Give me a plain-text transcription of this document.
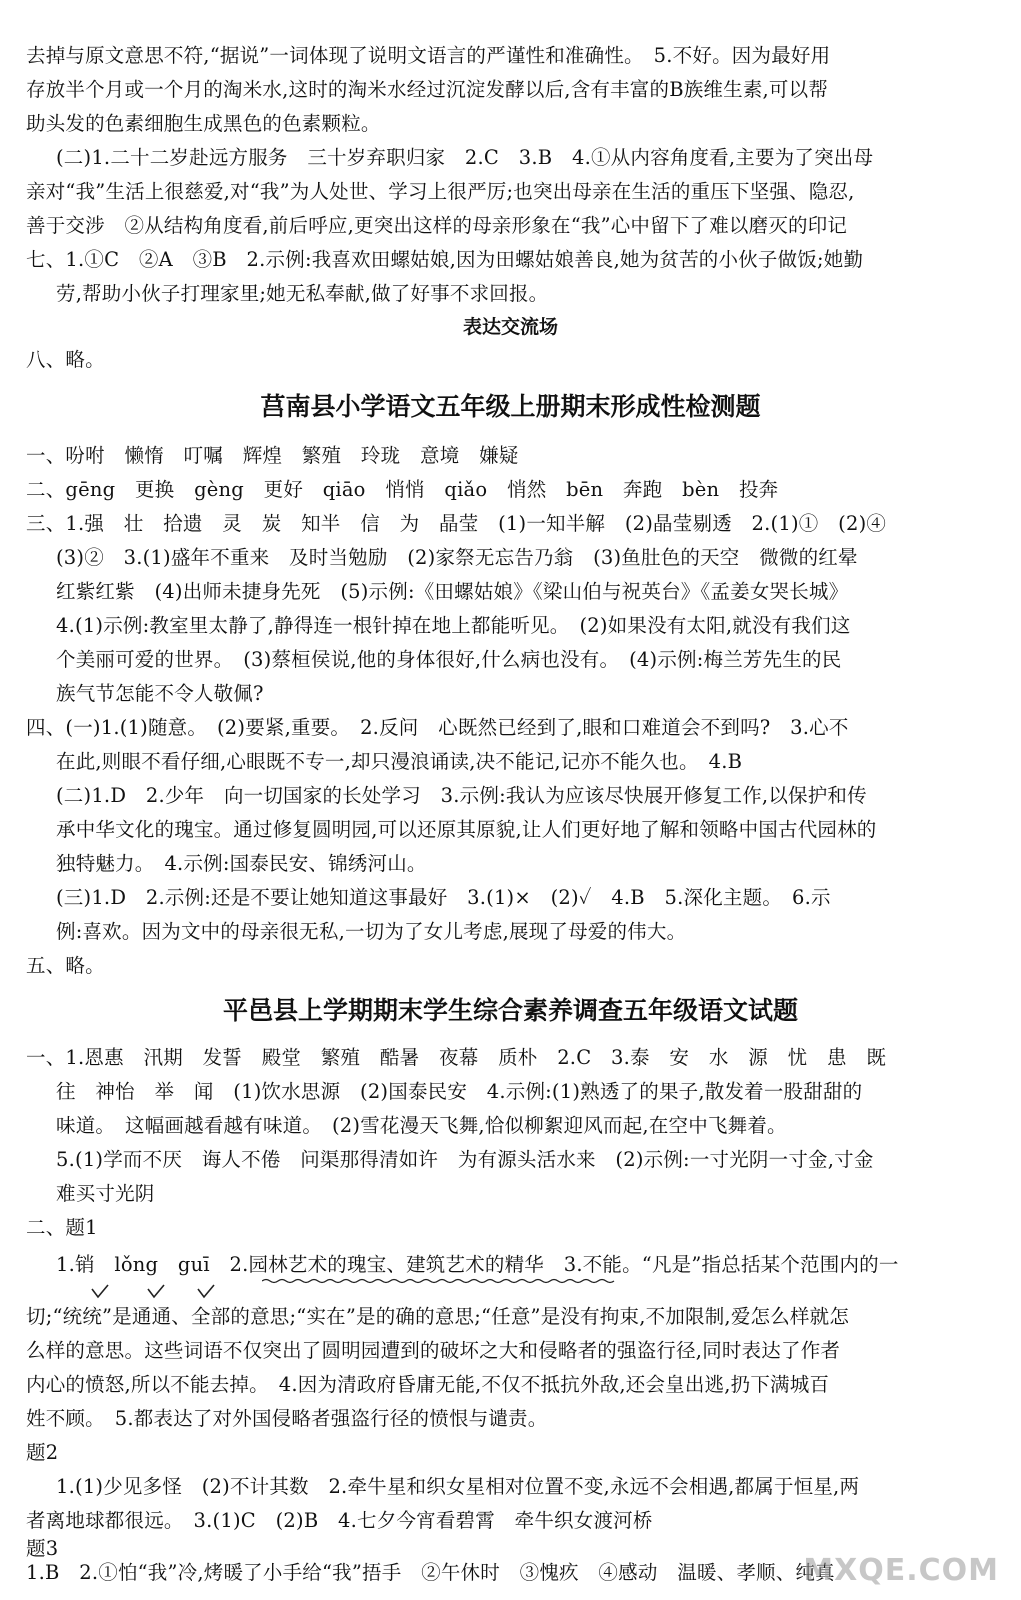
去掉与原文意思不符,“据说”一词体现了说明文语言的严谨性和准确性。　5.不好。因为最好用
存放半个月或一个月的淘米水,这时的淘米水经过沉淀发酵以后,含有丰富的B族维生素,可以帮
助头发的色素细胞生成黑色的色素颗粒。
(二)1.二十二岁赴远方服务　三十岁弃职归家　2.C　3.B　4.①从内容角度看,主要为了突出母
亲对“我”生活上很慈爱,对“我”为人处世、学习上很严厉;也突出母亲在生活的重压下坚强、隐忍,
善于交涉　②从结构角度看,前后呼应,更突出这样的母亲形象在“我”心中留下了难以磨灭的印记
七、1.①C　②A　③B　2.示例:我喜欢田螺姑娘,因为田螺姑娘善良,她为贫苦的小伙子做饭;她勤
劳,帮助小伙子打理家里;她无私奉献,做了好事不求回报。
表达交流场
八、略。
莒南县小学语文五年级上册期末形成性检测题
一、吩咐　懒惰　叮嘱　辉煌　繁殖　玲珑　意境　嫌疑
二、gēng　更换　gèng　更好　qiāo　悄悄　qiǎo　悄然　bēn　奔跑　bèn　投奔
三、1.强　壮　拾遗　灵　炭　知半　信　为　晶莹　(1)一知半解　(2)晶莹剔透　2.(1)①　(2)④
(3)②　3.(1)盛年不重来　及时当勉励　(2)家祭无忘告乃翁　(3)鱼肚色的天空　微微的红晕
红紫红紫　(4)出师未捷身先死　(5)示例:《田螺姑娘》《梁山伯与祝英台》《孟姜女哭长城》
4.(1)示例:教室里太静了,静得连一根针掉在地上都能听见。　(2)如果没有太阳,就没有我们这
个美丽可爱的世界。　(3)蔡桓侯说,他的身体很好,什么病也没有。　(4)示例:梅兰芳先生的民
族气节怎能不令人敬佩?
四、(一)1.(1)随意。　(2)要紧,重要。　2.反问　心既然已经到了,眼和口难道会不到吗?　3.心不
在此,则眼不看仔细,心眼既不专一,却只漫浪诵读,决不能记,记亦不能久也。　4.B
(二)1.D　2.少年　向一切国家的长处学习　3.示例:我认为应该尽快展开修复工作,以保护和传
承中华文化的瑰宝。通过修复圆明园,可以还原其原貌,让人们更好地了解和领略中国古代园林的
独特魅力。　4.示例:国泰民安、锦绣河山。
(三)1.D　2.示例:还是不要让她知道这事最好　3.(1)×　(2)✓　4.B　5.深化主题。　6.示
例:喜欢。因为文中的母亲很无私,一切为了女儿考虑,展现了母爱的伟大。
五、略。
平邑县上学期期末学生综合素养调查五年级语文试题
一、1.恩惠　汛期　发誓　殿堂　繁殖　酷暑　夜幕　质朴　2.C　3.泰　安　水　源　忧　患　既
往　神怡　举　闻　(1)饮水思源　(2)国泰民安　4.示例:(1)熟透了的果子,散发着一股甜甜的
味道。　这幅画越看越有味道。　(2)雪花漫天飞舞,恰似柳絮迎风而起,在空中飞舞着。
5.(1)学而不厌　诲人不倦　问渠那得清如许　为有源头活水来　(2)示例:一寸光阴一寸金,寸金
难买寸光阴
二、题1
1.销　lǒng　guī　2.园林艺术的瑰宝、建筑艺术的精华　3.不能。“凡是”指总括某个范围内的一
切;“统统”是通通、全部的意思;“实在”是的确的意思;“任意”是没有拘束,不加限制,爱怎么样就怎
么样的意思。这些词语不仅突出了圆明园遭到的破坏之大和侵略者的强盗行径,同时表达了作者
内心的愤怒,所以不能去掉。　4.因为清政府昏庸无能,不仅不抵抗外敌,还会皇出逃,扔下满城百
姓不顾。　5.都表达了对外国侵略者强盗行径的愤恨与谴责。
题2
1.(1)少见多怪　(2)不计其数　2.牵牛星和织女星相对位置不变,永远不会相遇,都属于恒星,两
者离地球都很远。　3.(1)C　(2)B　4.七夕今宵看碧霄　牵牛织女渡河桥
题3
1.B　2.①怕“我”冷,烤暖了小手给“我”捂手　②午休时　③愧疚　④感动　温暖、孝顺、纯真
MXQE.COM
